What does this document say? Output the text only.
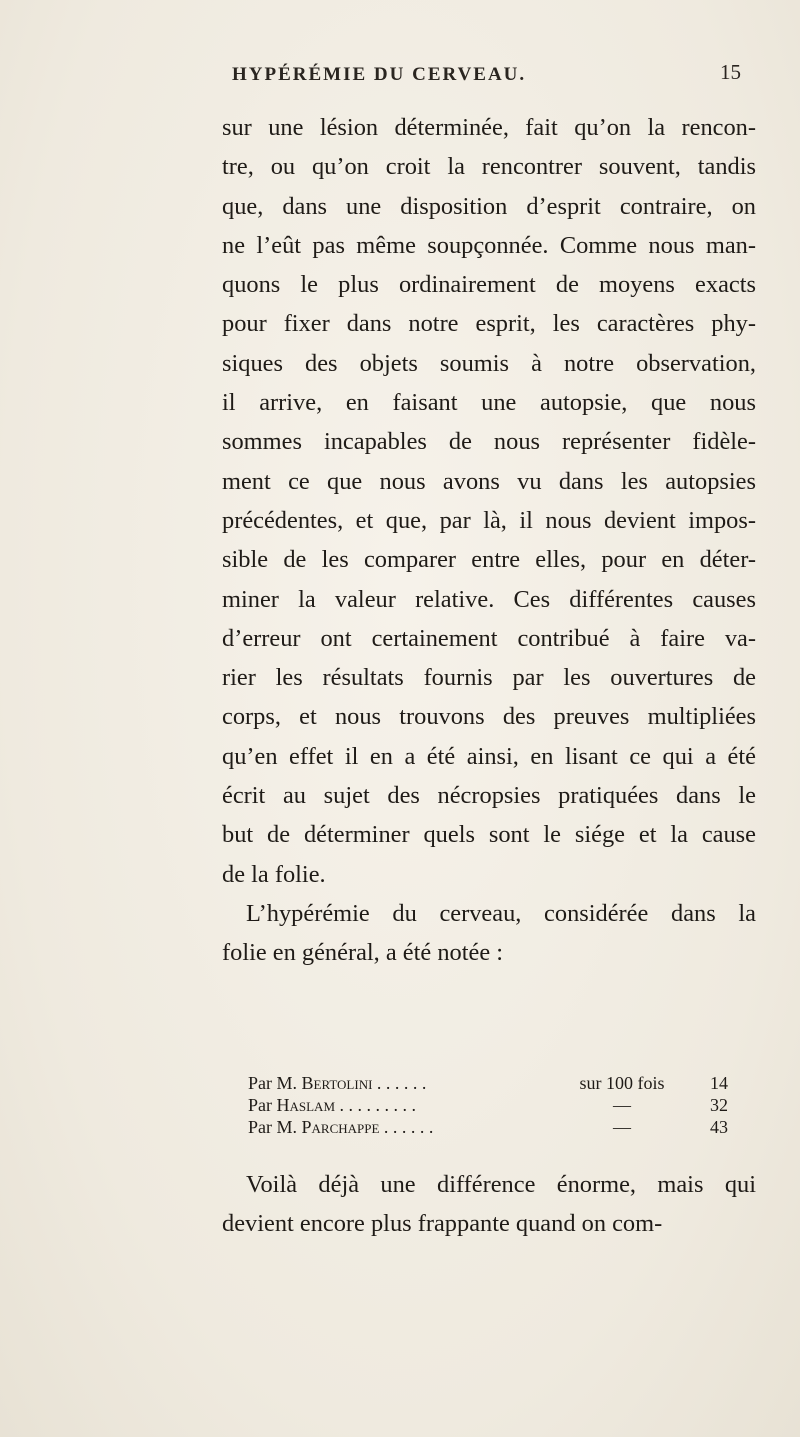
HYPÉRÉMIE DU CERVEAU.	15
sur une lésion déterminée, fait qu’on la rencon-
tre, ou qu’on croit la rencontrer souvent, tandis
que, dans une disposition d’esprit contraire, on
ne l’eût pas même soupçonnée. Comme nous man-
quons le plus ordinairement de moyens exacts
pour fixer dans notre esprit, les caractères phy-
siques des objets soumis à notre observation,
il arrive, en faisant une autopsie, que nous
sommes incapables de nous représenter fidèle-
ment ce que nous avons vu dans les autopsies
précédentes, et que, par là, il nous devient impos-
sible de les comparer entre elles, pour en déter-
miner la valeur relative. Ces différentes causes
d’erreur ont certainement contribué à faire va-
rier les résultats fournis par les ouvertures de
corps, et nous trouvons des preuves multipliées
qu’en effet il en a été ainsi, en lisant ce qui a été
écrit au sujet des nécropsies pratiquées dans le
but de déterminer quels sont le siége et la cause
de la folie.
L’hypérémie du cerveau, considérée dans la
folie en général, a été notée :
Par M. Bertolini . . . . . .	sur 100 fois	14
Par Haslam . . . . . . . . .	—	32
Par M. Parchappe . . . . . .	—	43
Voilà déjà une différence énorme, mais qui
devient encore plus frappante quand on com-
